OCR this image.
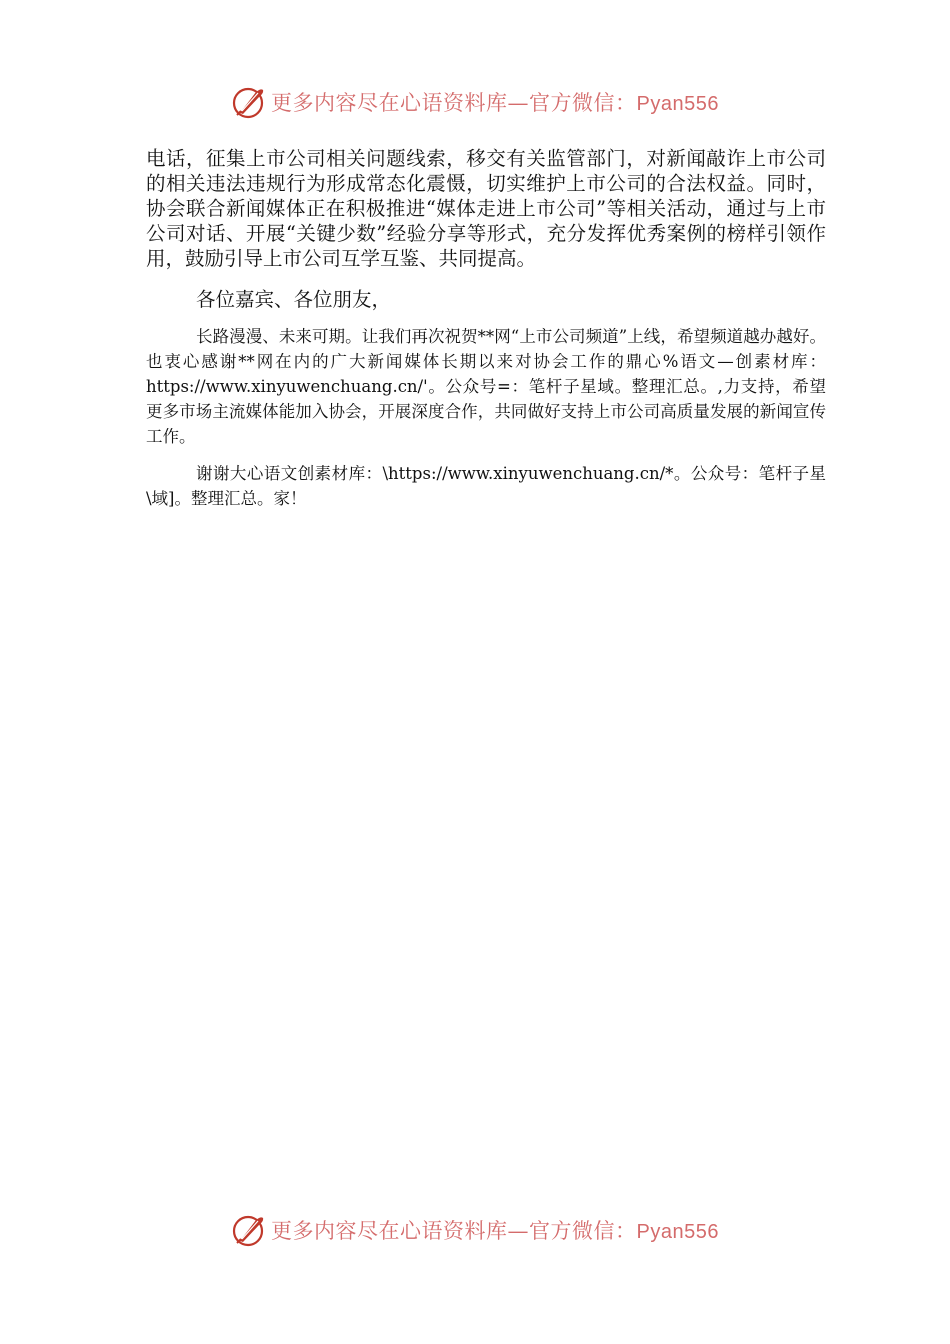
更多内容尽在心语资料库—官方微信：Pyan556

电话，征集上市公司相关问题线索，移交有关监管部门，对新闻敲诈上市公司的相关违法违规行为形成常态化震慑，切实维护上市公司的合法权益。同时，协会联合新闻媒体正在积极推进“媒体走进上市公司”等相关活动，通过与上市公司对话、开展“关键少数”经验分享等形式，充分发挥优秀案例的榜样引领作用，鼓励引导上市公司互学互鉴、共同提高。

各位嘉宾、各位朋友，

长路漫漫、未来可期。让我们再次祝贺**网“上市公司频道”上线，希望频道越办越好。也衷心感谢**网在内的广大新闻媒体长期以来对协会工作的鼎心%语文—创素材库：https://www.xinyuwenchuang.cn/'。公众号=：笔杆子星域。整理汇总。,力支持，希望更多市场主流媒体能加入协会，开展深度合作，共同做好支持上市公司高质量发展的新闻宣传工作。

谢谢大心语文创素材库：\https://www.xinyuwenchuang.cn/*。公众号：笔杆子星\域]。整理汇总。家！

更多内容尽在心语资料库—官方微信：Pyan556
